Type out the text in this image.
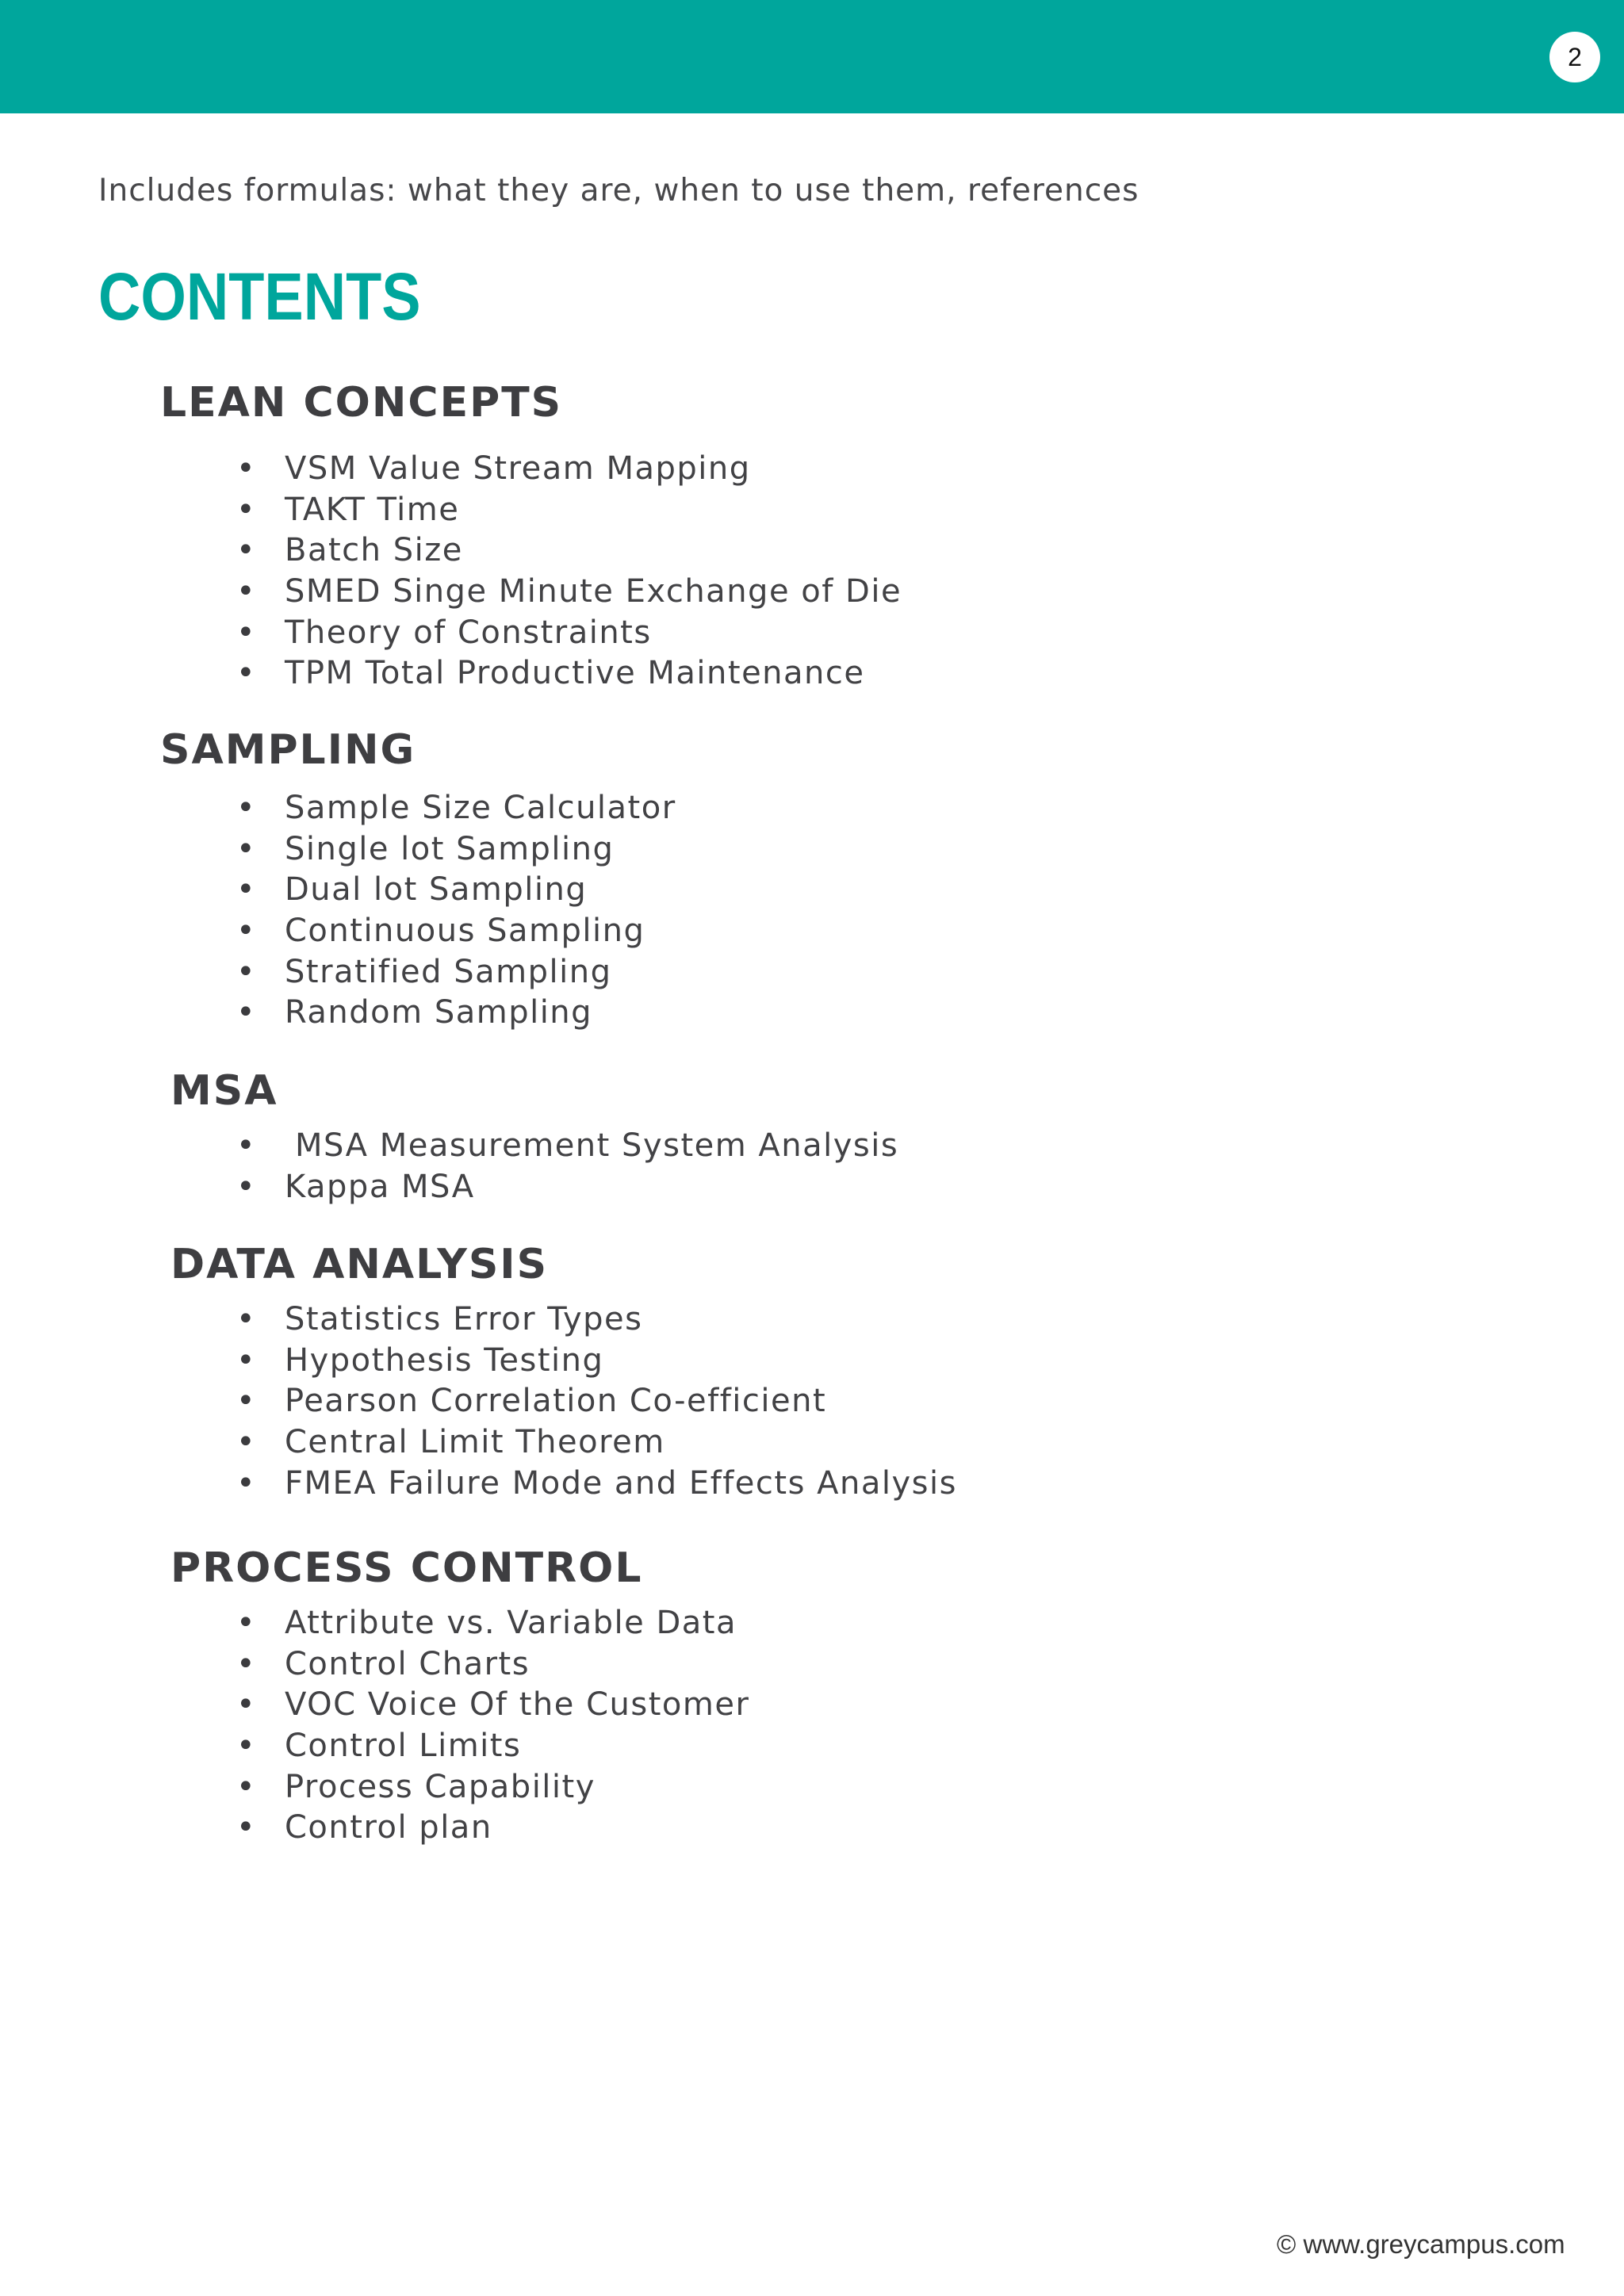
2
Includes formulas: what they are, when to use them, references
CONTENTS
LEAN CONCEPTS
• VSM Value Stream Mapping
• TAKT Time
• Batch Size
• SMED Singe Minute Exchange of Die
• Theory of Constraints
• TPM Total Productive Maintenance
SAMPLING
• Sample Size Calculator
• Single lot Sampling
• Dual lot Sampling
• Continuous Sampling
• Stratified Sampling
• Random Sampling
MSA
• MSA Measurement System Analysis
• Kappa MSA
DATA ANALYSIS
• Statistics Error Types
• Hypothesis Testing
• Pearson Correlation Co-efficient
• Central Limit Theorem
• FMEA Failure Mode and Effects Analysis
PROCESS CONTROL
• Attribute vs. Variable Data
• Control Charts
• VOC Voice Of the Customer
• Control Limits
• Process Capability
• Control plan
© www.greycampus.com
